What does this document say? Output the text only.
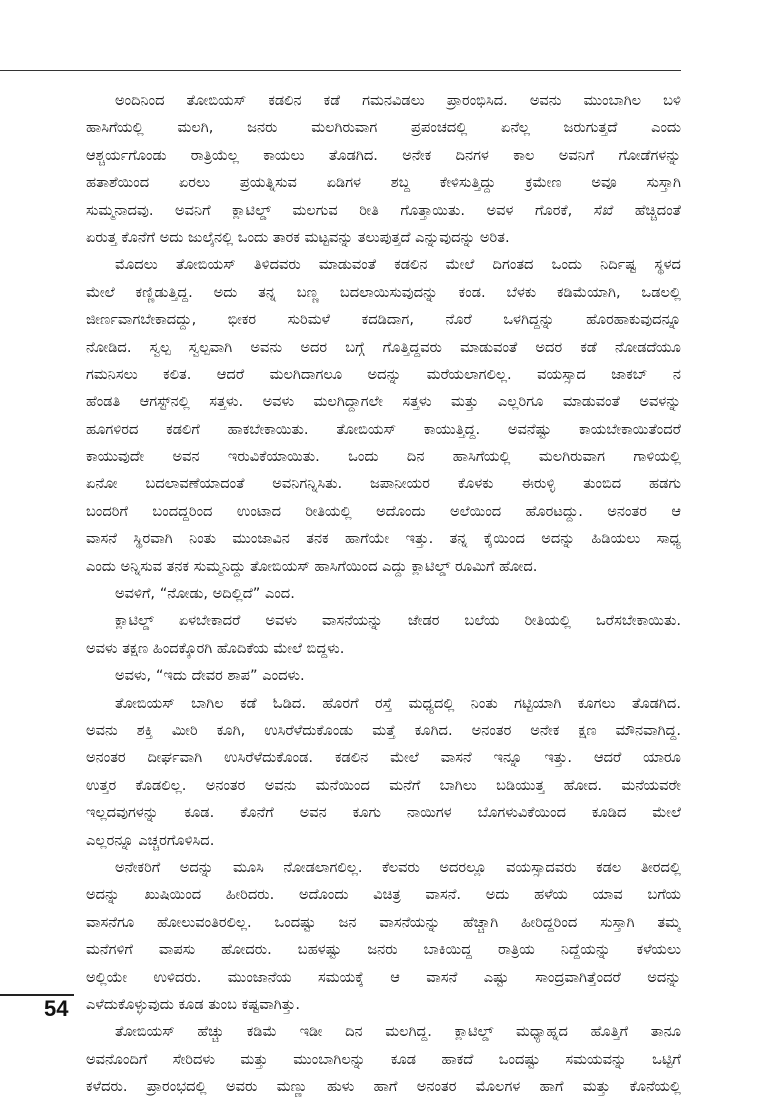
ಅಂದಿನಿಂದ ತೋಬಿಯಸ್ ಕಡಲಿನ ಕಡೆ ಗಮನವಿಡಲು ಪ್ರಾರಂಭಿಸಿದ. ಅವನು ಮುಂಬಾಗಿಲ ಬಳಿ
ಹಾಸಿಗೆಯಲ್ಲಿ ಮಲಗಿ, ಜನರು ಮಲಗಿರುವಾಗ ಪ್ರಪಂಚದಲ್ಲಿ ಏನೆಲ್ಲ ಜರುಗುತ್ತದೆ ಎಂದು
ಆಶ್ಚರ್ಯಗೊಂಡು ರಾತ್ರಿಯೆಲ್ಲ ಕಾಯಲು ತೊಡಗಿದ. ಅನೇಕ ದಿನಗಳ ಕಾಲ ಅವನಿಗೆ ಗೋಡೆಗಳನ್ನು
ಹತಾಶೆಯಿಂದ ಏರಲು ಪ್ರಯತ್ನಿಸುವ ಏಡಿಗಳ ಶಬ್ದ ಕೇಳಿಸುತ್ತಿದ್ದು ಕ್ರಮೇಣ ಅವೂ ಸುಸ್ತಾಗಿ
ಸುಮ್ಮನಾದವು. ಅವನಿಗೆ ಕ್ಲಾಟಿಲ್ಡ್ ಮಲಗುವ ರೀತಿ ಗೊತ್ತಾಯಿತು. ಅವಳ ಗೊರಕೆ, ಸೆಖೆ ಹೆಚ್ಚಿದಂತೆ
ಏರುತ್ತ ಕೊನೆಗೆ ಅದು ಜುಲೈನಲ್ಲಿ ಒಂದು ತಾರಕ ಮಟ್ಟವನ್ನು ತಲುಪುತ್ತದೆ ಎನ್ನುವುದನ್ನು ಅರಿತ.
ಮೊದಲು ತೋಬಿಯಸ್ ತಿಳಿದವರು ಮಾಡುವಂತೆ ಕಡಲಿನ ಮೇಲೆ ದಿಗಂತದ ಒಂದು ನಿರ್ದಿಷ್ಟ ಸ್ಥಳದ
ಮೇಲೆ ಕಣ್ಣಿಡುತ್ತಿದ್ದ. ಅದು ತನ್ನ ಬಣ್ಣ ಬದಲಾಯಿಸುವುದನ್ನು ಕಂಡ. ಬೆಳಕು ಕಡಿಮೆಯಾಗಿ, ಒಡಲಲ್ಲಿ
ಜೀರ್ಣವಾಗಬೇಕಾದದ್ದು, ಭೀಕರ ಸುರಿಮಳೆ ಕದಡಿದಾಗ, ನೊರೆ ಒಳಗಿದ್ದನ್ನು ಹೊರಹಾಕುವುದನ್ನೂ
ನೋಡಿದ. ಸ್ವಲ್ಪ ಸ್ವಲ್ಪವಾಗಿ ಅವನು ಅದರ ಬಗ್ಗೆ ಗೊತ್ತಿದ್ದವರು ಮಾಡುವಂತೆ ಅದರ ಕಡೆ ನೋಡದೆಯೂ
ಗಮನಿಸಲು ಕಲಿತ. ಆದರೆ ಮಲಗಿದಾಗಲೂ ಅದನ್ನು ಮರೆಯಲಾಗಲಿಲ್ಲ. ವಯಸ್ಸಾದ ಜಾಕಬ್ ನ
ಹೆಂಡತಿ ಆಗಸ್ಟ್‌ನಲ್ಲಿ ಸತ್ತಳು. ಅವಳು ಮಲಗಿದ್ದಾಗಲೇ ಸತ್ತಳು ಮತ್ತು ಎಲ್ಲರಿಗೂ ಮಾಡುವಂತೆ ಅವಳನ್ನು
ಹೂಗಳಿರದ ಕಡಲಿಗೆ ಹಾಕಬೇಕಾಯಿತು. ತೋಬಿಯಸ್ ಕಾಯುತ್ತಿದ್ದ. ಅವನೆಷ್ಟು ಕಾಯಬೇಕಾಯಿತೆಂದರೆ
ಕಾಯುವುದೇ ಅವನ ಇರುವಿಕೆಯಾಯಿತು. ಒಂದು ದಿನ ಹಾಸಿಗೆಯಲ್ಲಿ ಮಲಗಿರುವಾಗ ಗಾಳಿಯಲ್ಲಿ
ಏನೋ ಬದಲಾವಣೆಯಾದಂತೆ ಅವನಿಗನ್ನಿಸಿತು. ಜಪಾನೀಯರ ಕೊಳಕು ಈರುಳ್ಳಿ ತುಂಬಿದ ಹಡಗು
ಬಂದರಿಗೆ ಬಂದದ್ದರಿಂದ ಉಂಟಾದ ರೀತಿಯಲ್ಲಿ ಅದೊಂದು ಅಲೆಯಿಂದ ಹೊರಟದ್ದು. ಅನಂತರ ಆ
ವಾಸನೆ ಸ್ಥಿರವಾಗಿ ನಿಂತು ಮುಂಜಾವಿನ ತನಕ ಹಾಗೆಯೇ ಇತ್ತು. ತನ್ನ ಕೈಯಿಂದ ಅದನ್ನು ಹಿಡಿಯಲು ಸಾಧ್ಯ
ಎಂದು ಅನ್ನಿಸುವ ತನಕ ಸುಮ್ಮನಿದ್ದು ತೋಬಿಯಸ್ ಹಾಸಿಗೆಯಿಂದ ಎದ್ದು ಕ್ಲಾಟಿಲ್ಡ್ ರೂಮಿಗೆ ಹೋದ.
ಅವಳಿಗೆ, “ನೋಡು, ಅದಿಲ್ಲಿದೆ” ಎಂದ.
ಕ್ಲಾಟಿಲ್ಡ್ ಏಳಬೇಕಾದರೆ ಅವಳು ವಾಸನೆಯನ್ನು ಜೇಡರ ಬಲೆಯ ರೀತಿಯಲ್ಲಿ ಒರೆಸಬೇಕಾಯಿತು.
ಅವಳು ತಕ್ಷಣ ಹಿಂದಕ್ಕೊರಗಿ ಹೊದಿಕೆಯ ಮೇಲೆ ಬಿದ್ದಳು.
ಅವಳು, “ಇದು ದೇವರ ಶಾಪ” ಎಂದಳು.
ತೋಬಿಯಸ್ ಬಾಗಿಲ ಕಡೆ ಓಡಿದ. ಹೊರಗೆ ರಸ್ತೆ ಮಧ್ಯದಲ್ಲಿ ನಿಂತು ಗಟ್ಟಿಯಾಗಿ ಕೂಗಲು ತೊಡಗಿದ.
ಅವನು ಶಕ್ತಿ ಮೀರಿ ಕೂಗಿ, ಉಸಿರೆಳೆದುಕೊಂಡು ಮತ್ತೆ ಕೂಗಿದ. ಅನಂತರ ಅನೇಕ ಕ್ಷಣ ಮೌನವಾಗಿದ್ದ.
ಅನಂತರ ದೀರ್ಘವಾಗಿ ಉಸಿರೆಳೆದುಕೊಂಡ. ಕಡಲಿನ ಮೇಲೆ ವಾಸನೆ ಇನ್ನೂ ಇತ್ತು. ಆದರೆ ಯಾರೂ
ಉತ್ತರ ಕೊಡಲಿಲ್ಲ. ಅನಂತರ ಅವನು ಮನೆಯಿಂದ ಮನೆಗೆ ಬಾಗಿಲು ಬಡಿಯುತ್ತ ಹೋದ. ಮನೆಯವರೇ
ಇಲ್ಲದವುಗಳನ್ನು ಕೂಡ. ಕೊನೆಗೆ ಅವನ ಕೂಗು ನಾಯಿಗಳ ಬೊಗಳುವಿಕೆಯಿಂದ ಕೂಡಿದ ಮೇಲೆ
ಎಲ್ಲರನ್ನೂ ಎಚ್ಚರಗೊಳಿಸಿದ.
ಅನೇಕರಿಗೆ ಅದನ್ನು ಮೂಸಿ ನೋಡಲಾಗಲಿಲ್ಲ. ಕೆಲವರು ಅದರಲ್ಲೂ ವಯಸ್ಸಾದವರು ಕಡಲ ತೀರದಲ್ಲಿ
ಅದನ್ನು ಖುಷಿಯಿಂದ ಹೀರಿದರು. ಅದೊಂದು ವಿಚಿತ್ರ ವಾಸನೆ. ಅದು ಹಳೆಯ ಯಾವ ಬಗೆಯ
ವಾಸನೆಗೂ ಹೋಲುವಂತಿರಲಿಲ್ಲ. ಒಂದಷ್ಟು ಜನ ವಾಸನೆಯನ್ನು ಹೆಚ್ಚಾಗಿ ಹೀರಿದ್ದರಿಂದ ಸುಸ್ತಾಗಿ ತಮ್ಮ
ಮನೆಗಳಿಗೆ ವಾಪಸು ಹೋದರು. ಬಹಳಷ್ಟು ಜನರು ಬಾಕಿಯಿದ್ದ ರಾತ್ರಿಯ ನಿದ್ದೆಯನ್ನು ಕಳೆಯಲು
ಅಲ್ಲಿಯೇ ಉಳಿದರು. ಮುಂಜಾನೆಯ ಸಮಯಕ್ಕೆ ಆ ವಾಸನೆ ಎಷ್ಟು ಸಾಂದ್ರವಾಗಿತ್ತೆಂದರೆ ಅದನ್ನು
ಎಳೆದುಕೊಳ್ಳುವುದು ಕೂಡ ತುಂಬ ಕಷ್ಟವಾಗಿತ್ತು.
ತೋಬಿಯಸ್ ಹೆಚ್ಚು ಕಡಿಮೆ ಇಡೀ ದಿನ ಮಲಗಿದ್ದ. ಕ್ಲಾಟಿಲ್ಡ್ ಮಧ್ಯಾಹ್ನದ ಹೊತ್ತಿಗೆ ತಾನೂ
ಅವನೊಂದಿಗೆ ಸೇರಿದಳು ಮತ್ತು ಮುಂಬಾಗಿಲನ್ನು ಕೂಡ ಹಾಕದೆ ಒಂದಷ್ಟು ಸಮಯವನ್ನು ಒಟ್ಟಿಗೆ
ಕಳೆದರು. ಪ್ರಾರಂಭದಲ್ಲಿ ಅವರು ಮಣ್ಣು ಹುಳು ಹಾಗೆ ಅನಂತರ ಮೊಲಗಳ ಹಾಗೆ ಮತ್ತು ಕೊನೆಯಲ್ಲಿ
54
